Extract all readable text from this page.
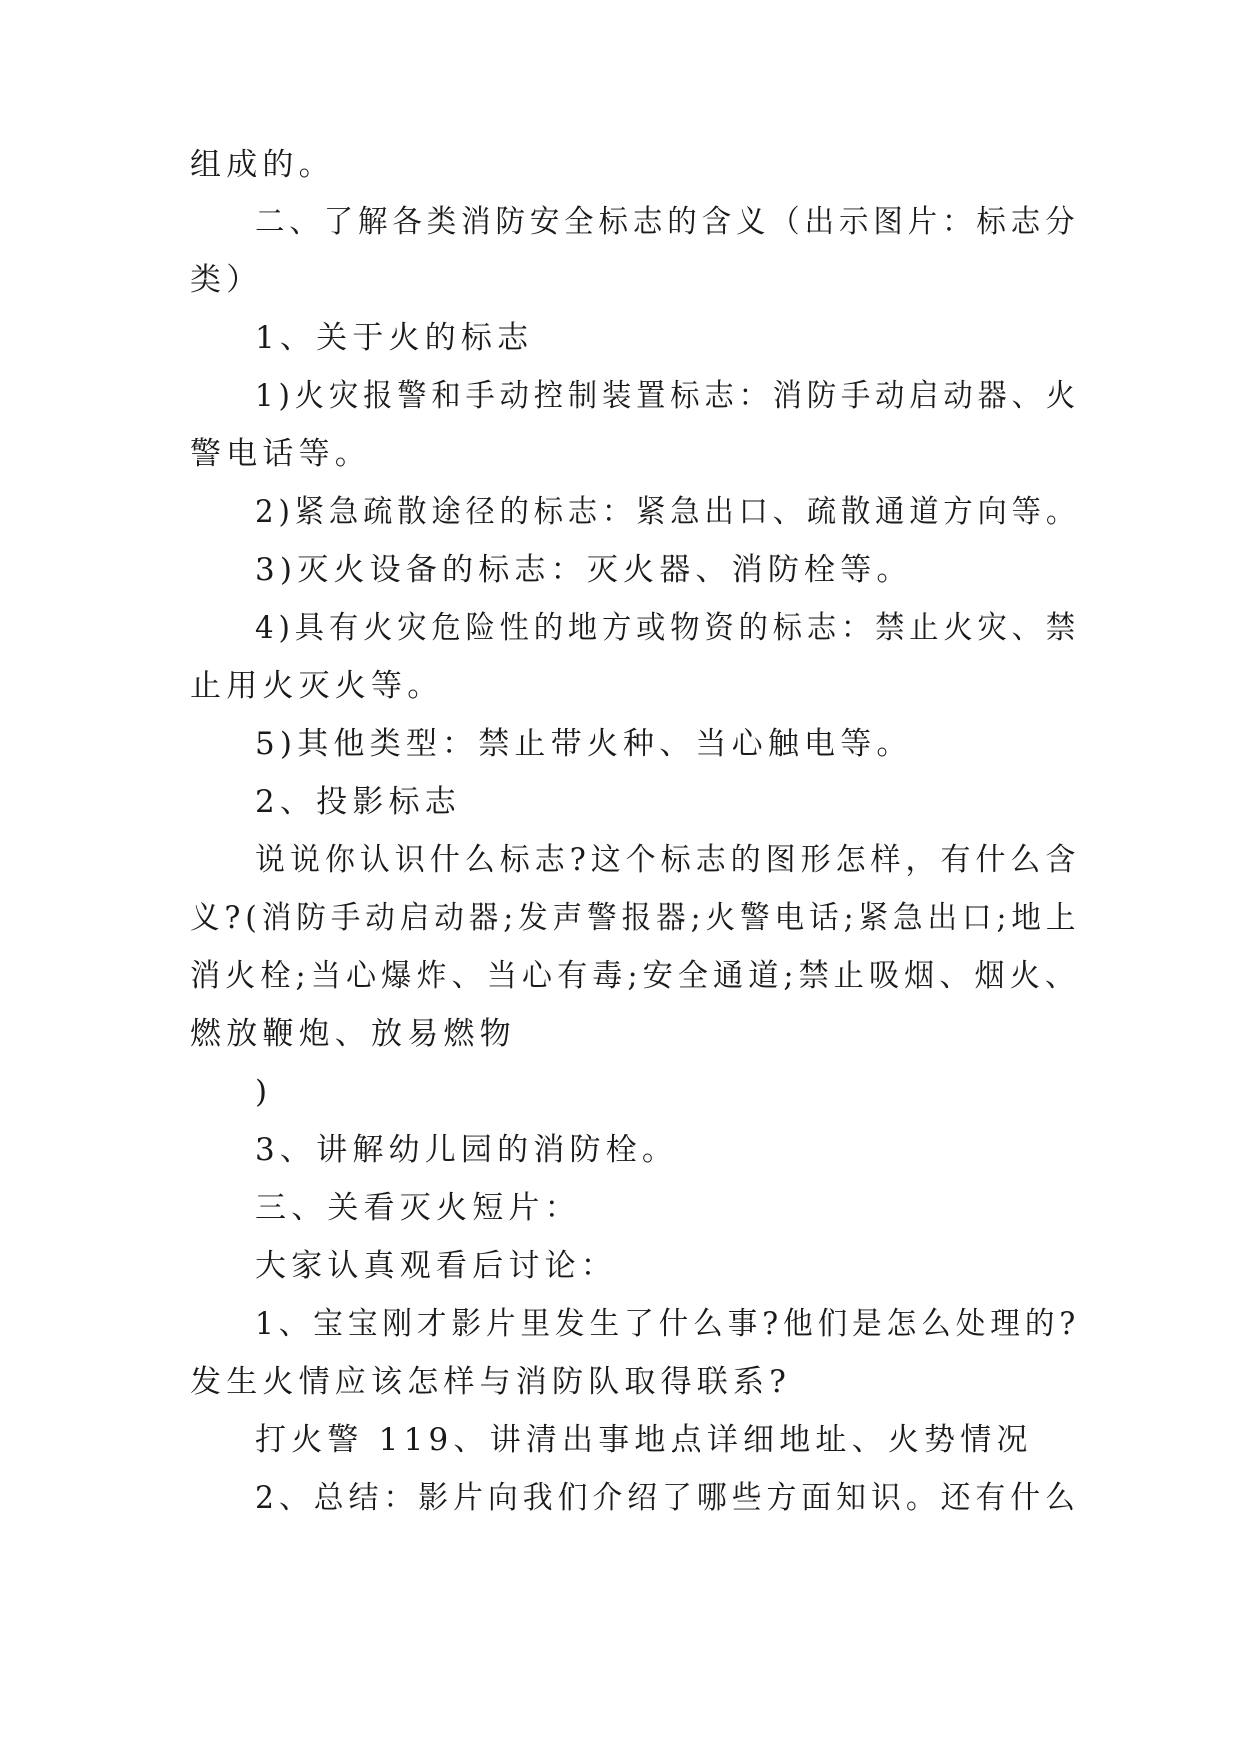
组成的。
二、了解各类消防安全标志的含义（出示图片：标志分
类）
1、关于火的标志
1)火灾报警和手动控制装置标志：消防手动启动器、火
警电话等。
2)紧急疏散途径的标志：紧急出口、疏散通道方向等。
3)灭火设备的标志：灭火器、消防栓等。
4)具有火灾危险性的地方或物资的标志：禁止火灾、禁
止用火灭火等。
5)其他类型：禁止带火种、当心触电等。
2、投影标志
说说你认识什么标志?这个标志的图形怎样，有什么含
义?(消防手动启动器;发声警报器;火警电话;紧急出口;地上
消火栓;当心爆炸、当心有毒;安全通道;禁止吸烟、烟火、
燃放鞭炮、放易燃物
)
3、讲解幼儿园的消防栓。
三、关看灭火短片：
大家认真观看后讨论：
1、宝宝刚才影片里发生了什么事?他们是怎么处理的?
发生火情应该怎样与消防队取得联系?
打火警 119、讲清出事地点详细地址、火势情况
2、总结：影片向我们介绍了哪些方面知识。还有什么
